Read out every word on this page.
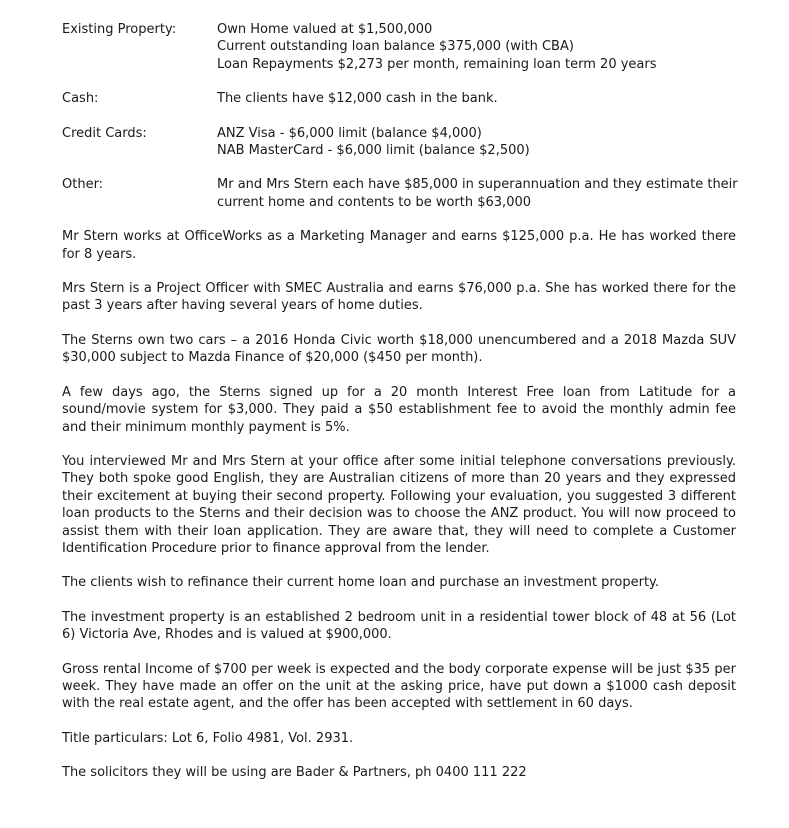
Existing Property:	Own Home valued at $1,500,000
Current outstanding loan balance $375,000 (with CBA)
Loan Repayments $2,273 per month, remaining loan term 20 years
Cash:	The clients have $12,000 cash in the bank.
Credit Cards:	ANZ Visa - $6,000 limit (balance $4,000)
NAB MasterCard - $6,000 limit (balance $2,500)
Other:	Mr and Mrs Stern each have $85,000 in superannuation and they estimate their
current home and contents to be worth $63,000

Mr Stern works at OfficeWorks as a Marketing Manager and earns $125,000 p.a. He has worked there for 8 years.

Mrs Stern is a Project Officer with SMEC Australia and earns $76,000 p.a. She has worked there for the past 3 years after having several years of home duties.

The Sterns own two cars – a 2016 Honda Civic worth $18,000 unencumbered and a 2018 Mazda SUV $30,000 subject to Mazda Finance of $20,000 ($450 per month).

A few days ago, the Sterns signed up for a 20 month Interest Free loan from Latitude for a sound/movie system for $3,000. They paid a $50 establishment fee to avoid the monthly admin fee and their minimum monthly payment is 5%.

You interviewed Mr and Mrs Stern at your office after some initial telephone conversations previously. They both spoke good English, they are Australian citizens of more than 20 years and they expressed their excitement at buying their second property. Following your evaluation, you suggested 3 different loan products to the Sterns and their decision was to choose the ANZ product. You will now proceed to assist them with their loan application. They are aware that, they will need to complete a Customer Identification Procedure prior to finance approval from the lender.

The clients wish to refinance their current home loan and purchase an investment property.

The investment property is an established 2 bedroom unit in a residential tower block of 48 at 56 (Lot 6) Victoria Ave, Rhodes and is valued at $900,000.

Gross rental Income of $700 per week is expected and the body corporate expense will be just $35 per week. They have made an offer on the unit at the asking price, have put down a $1000 cash deposit with the real estate agent, and the offer has been accepted with settlement in 60 days.

Title particulars: Lot 6, Folio 4981, Vol. 2931.

The solicitors they will be using are Bader & Partners, ph 0400 111 222
